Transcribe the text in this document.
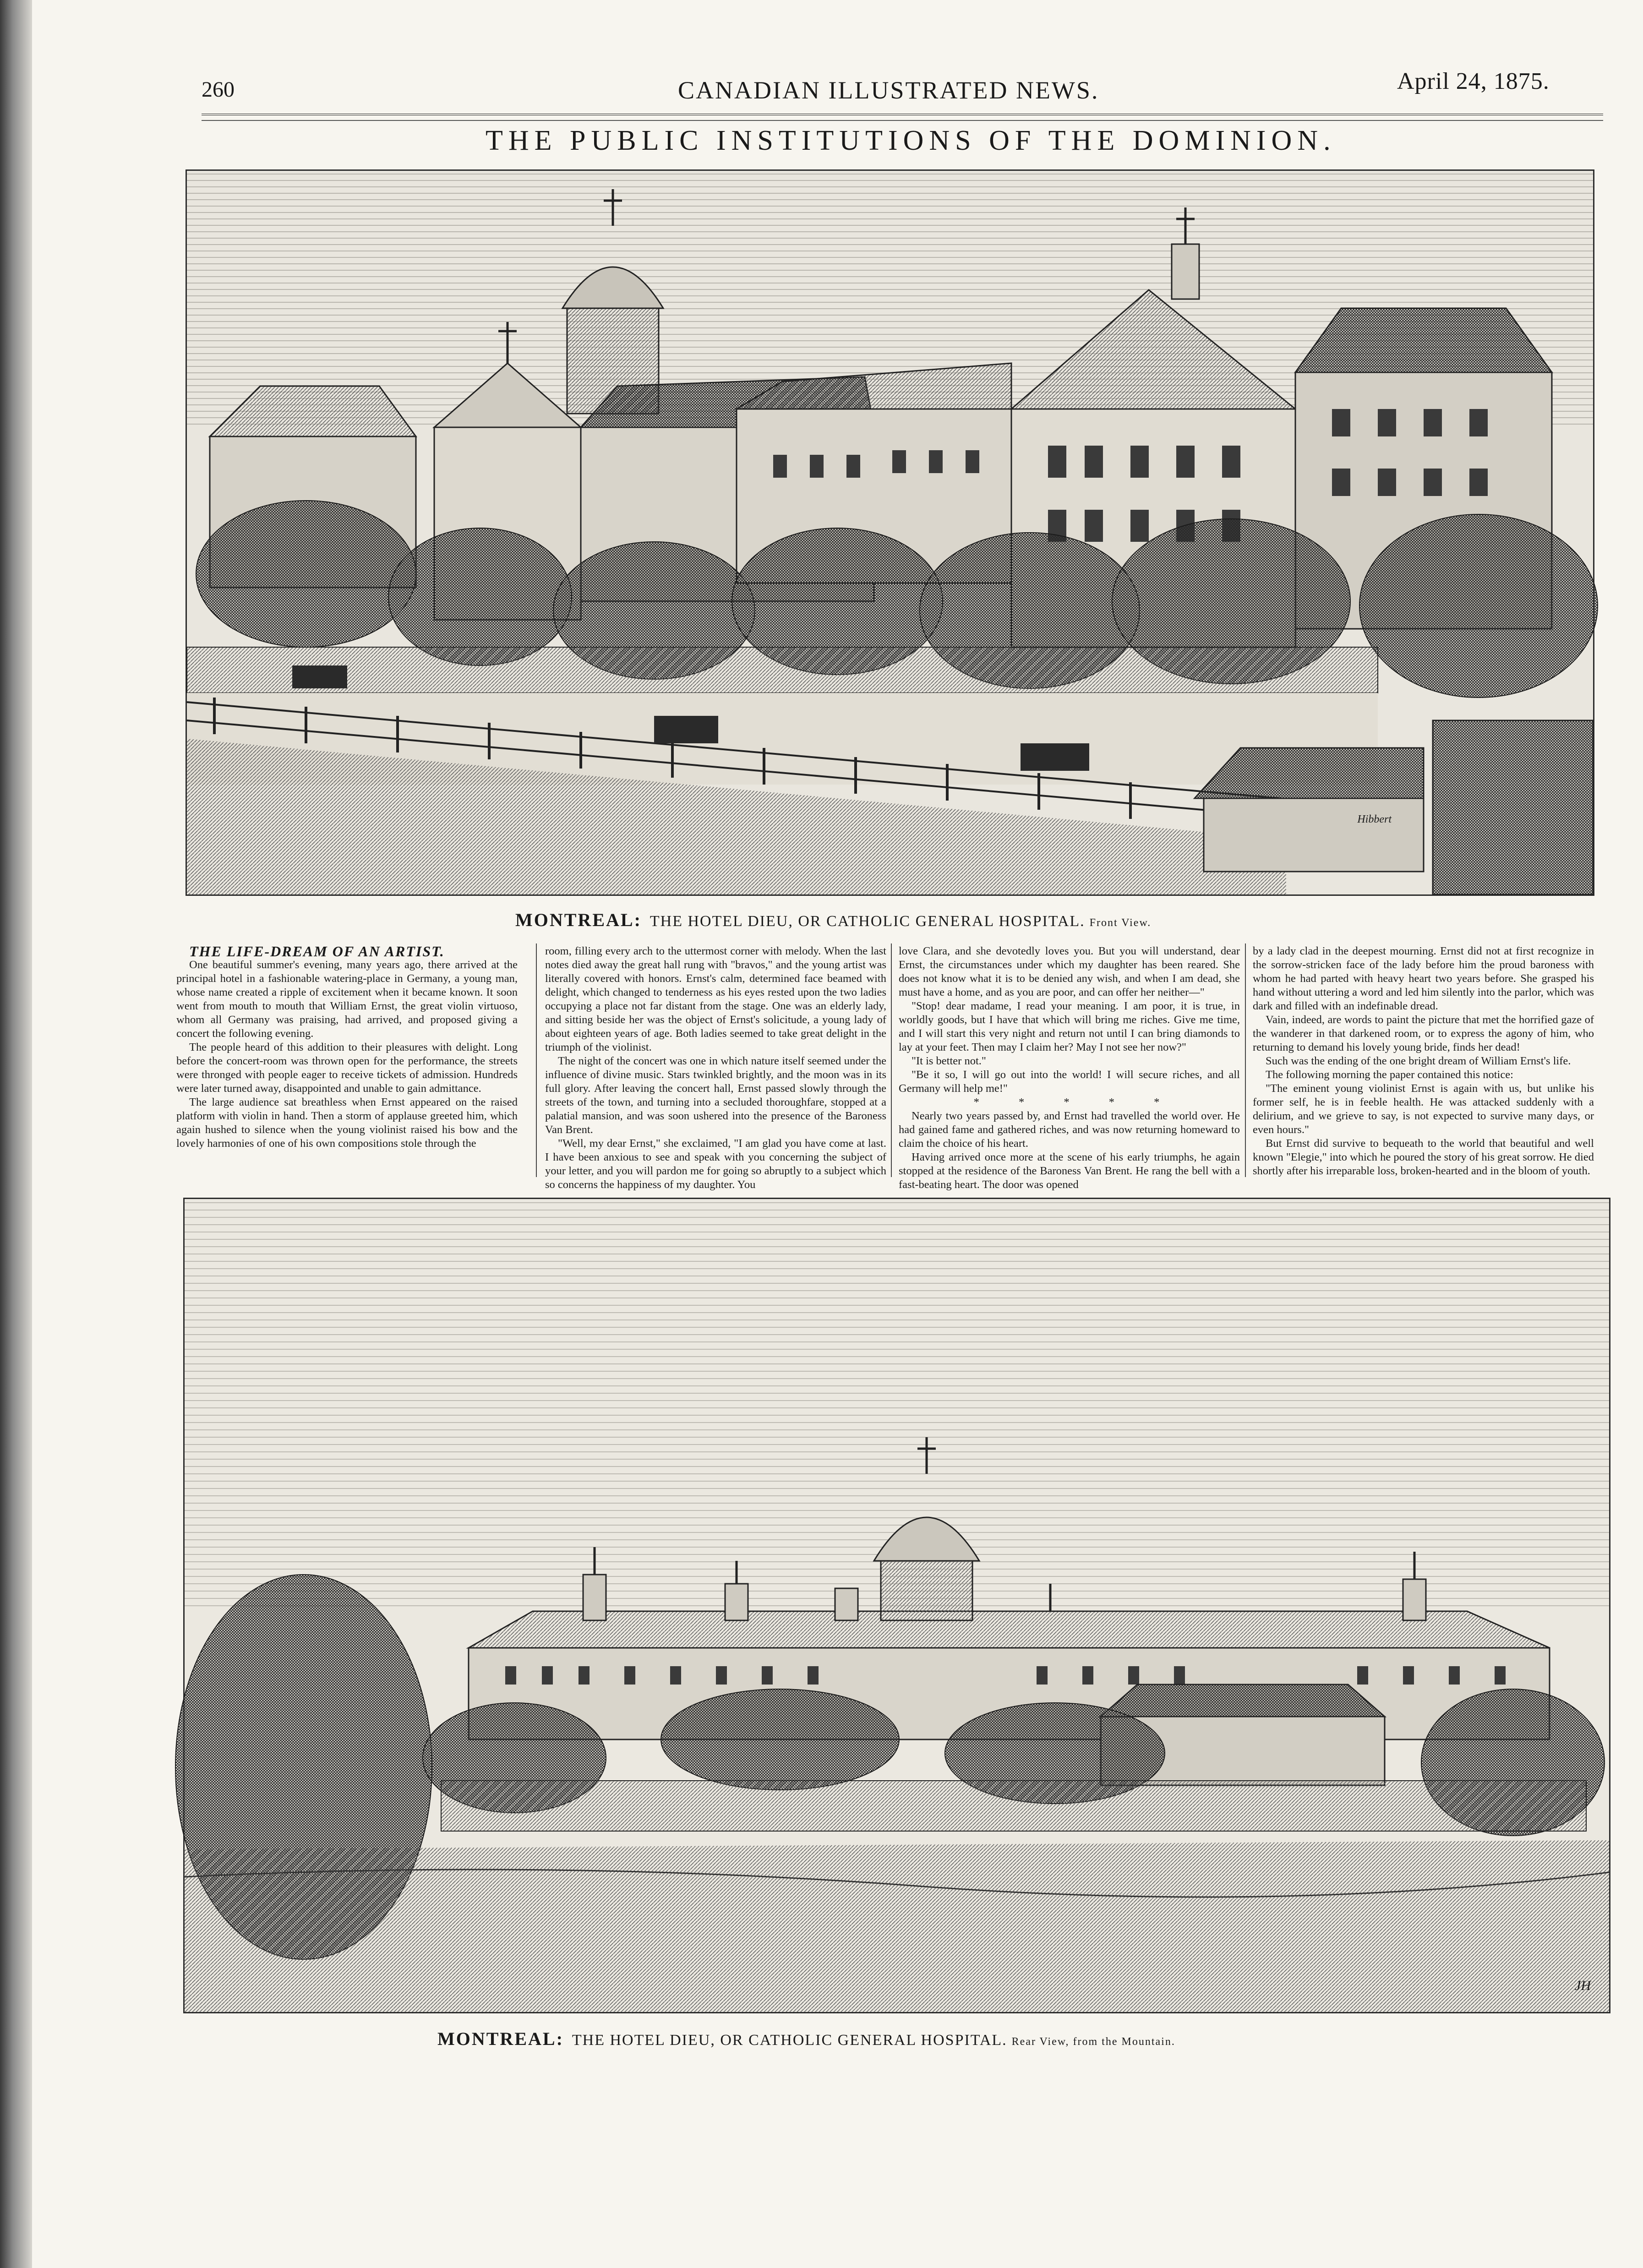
260	CANADIAN ILLUSTRATED NEWS.	April 24, 1875.
THE PUBLIC INSTITUTIONS OF THE DOMINION.
Hibbert
MONTREAL: THE HOTEL DIEU, OR CATHOLIC GENERAL HOSPITAL. Front View.

THE LIFE-DREAM OF AN ARTIST.

One beautiful summer's evening, many years ago, there arrived at the principal hotel in a fashionable watering-place in Germany, a young man, whose name created a ripple of excitement when it became known. It soon went from mouth to mouth that William Ernst, the great violin virtuoso, whom all Germany was praising, had arrived, and proposed giving a concert the following evening.

The people heard of this addition to their pleasures with delight. Long before the concert-room was thrown open for the performance, the streets were thronged with people eager to receive tickets of admission. Hundreds were later turned away, disappointed and unable to gain admittance.

The large audience sat breathless when Ernst appeared on the raised platform with violin in hand. Then a storm of applause greeted him, which again hushed to silence when the young violinist raised his bow and the lovely harmonies of one of his own compositions stole through the

room, filling every arch to the uttermost corner with melody. When the last notes died away the great hall rung with "bravos," and the young artist was literally covered with honors. Ernst's calm, determined face beamed with delight, which changed to tenderness as his eyes rested upon the two ladies occupying a place not far distant from the stage. One was an elderly lady, and sitting beside her was the object of Ernst's solicitude, a young lady of about eighteen years of age. Both ladies seemed to take great delight in the triumph of the violinist.

The night of the concert was one in which nature itself seemed under the influence of divine music. Stars twinkled brightly, and the moon was in its full glory. After leaving the concert hall, Ernst passed slowly through the streets of the town, and turning into a secluded thoroughfare, stopped at a palatial mansion, and was soon ushered into the presence of the Baroness Van Brent.

"Well, my dear Ernst," she exclaimed, "I am glad you have come at last. I have been anxious to see and speak with you concerning the subject of your letter, and you will pardon me for going so abruptly to a subject which so concerns the happiness of my daughter. You

love Clara, and she devotedly loves you. But you will understand, dear Ernst, the circumstances under which my daughter has been reared. She does not know what it is to be denied any wish, and when I am dead, she must have a home, and as you are poor, and can offer her neither—"

"Stop! dear madame, I read your meaning. I am poor, it is true, in worldly goods, but I have that which will bring me riches. Give me time, and I will start this very night and return not until I can bring diamonds to lay at your feet. Then may I claim her? May I not see her now?"

"It is better not."

"Be it so, I will go out into the world! I will secure riches, and all Germany will help me!"

* * * * *

Nearly two years passed by, and Ernst had travelled the world over. He had gained fame and gathered riches, and was now returning homeward to claim the choice of his heart.

Having arrived once more at the scene of his early triumphs, he again stopped at the residence of the Baroness Van Brent. He rang the bell with a fast-beating heart. The door was opened

by a lady clad in the deepest mourning. Ernst did not at first recognize in the sorrow-stricken face of the lady before him the proud baroness with whom he had parted with heavy heart two years before. She grasped his hand without uttering a word and led him silently into the parlor, which was dark and filled with an indefinable dread.

Vain, indeed, are words to paint the picture that met the horrified gaze of the wanderer in that darkened room, or to express the agony of him, who returning to demand his lovely young bride, finds her dead!

Such was the ending of the one bright dream of William Ernst's life.

The following morning the paper contained this notice:

"The eminent young violinist Ernst is again with us, but unlike his former self, he is in feeble health. He was attacked suddenly with a delirium, and we grieve to say, is not expected to survive many days, or even hours."

But Ernst did survive to bequeath to the world that beautiful and well known "Elegie," into which he poured the story of his great sorrow. He died shortly after his irreparable loss, broken-hearted and in the bloom of youth.

JH
MONTREAL: THE HOTEL DIEU, OR CATHOLIC GENERAL HOSPITAL. Rear View, from the Mountain.
